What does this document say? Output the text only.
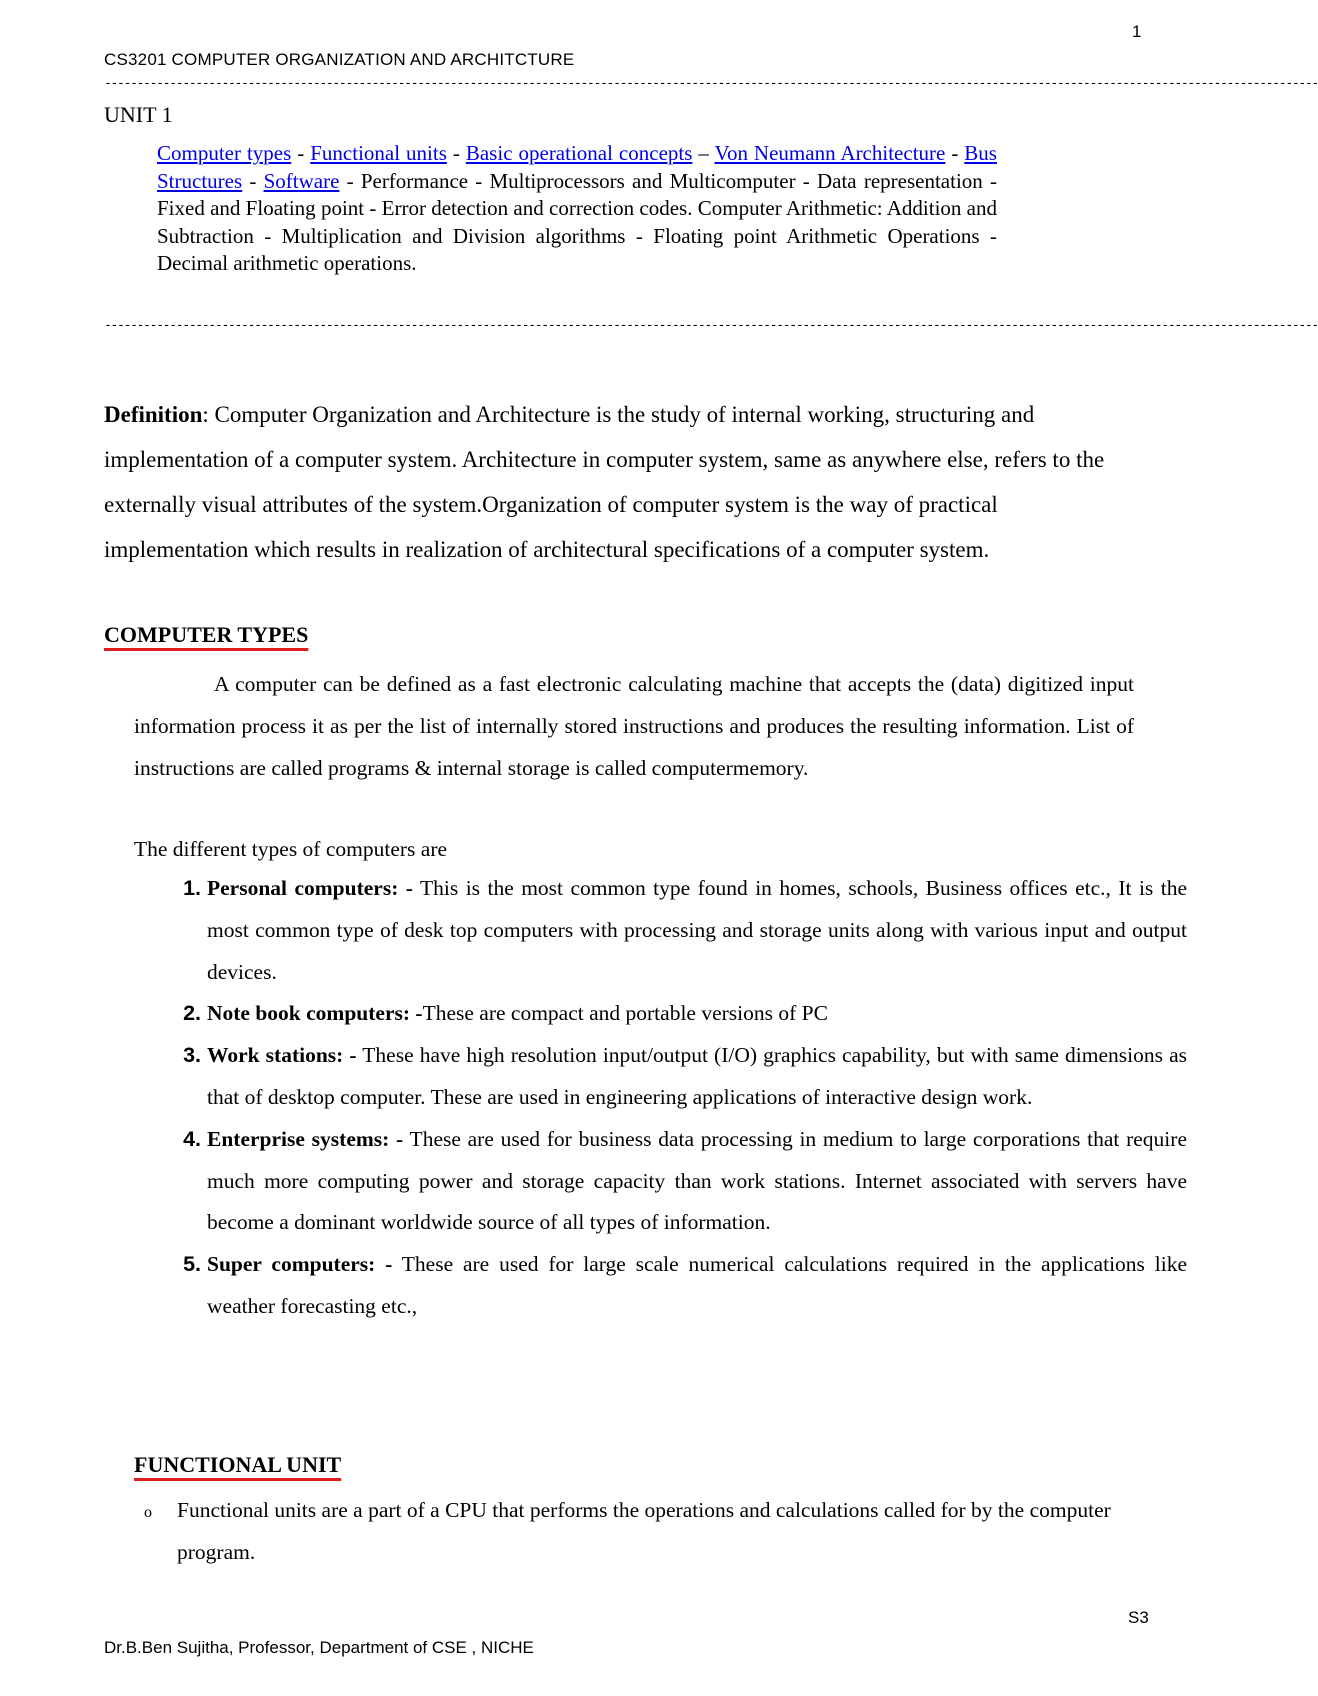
1
CS3201 COMPUTER ORGANIZATION AND ARCHITCTURE
------------------------------------------------------------------------------------------------------------------------------------------------------------------------------------------
UNIT 1
Computer types - Functional units - Basic operational concepts – Von Neumann Architecture - Bus Structures - Software - Performance - Multiprocessors and Multicomputer - Data representation - Fixed and Floating point - Error detection and correction codes. Computer Arithmetic: Addition and Subtraction - Multiplication and Division algorithms - Floating point Arithmetic Operations - Decimal arithmetic operations.
------------------------------------------------------------------------------------------------------------------------------------------------------------------------------------------
Definition: Computer Organization and Architecture is the study of internal working, structuring and implementation of a computer system. Architecture in computer system, same as anywhere else, refers to the externally visual attributes of the system.Organization of computer system is the way of practical implementation which results in realization of architectural specifications of a computer system.
COMPUTER TYPES
A computer can be defined as a fast electronic calculating machine that accepts the (data) digitized input information process it as per the list of internally stored instructions and produces the resulting information. List of instructions are called programs & internal storage is called computermemory.
The different types of computers are
1. Personal computers: - This is the most common type found in homes, schools, Business offices etc., It is the most common type of desk top computers with processing and storage units along with various input and output devices.
2. Note book computers: -These are compact and portable versions of PC
3. Work stations: - These have high resolution input/output (I/O) graphics capability, but with same dimensions as that of desktop computer. These are used in engineering applications of interactive design work.
4. Enterprise systems: - These are used for business data processing in medium to large corporations that require much more computing power and storage capacity than work stations. Internet associated with servers have become a dominant worldwide source of all types of information.
5. Super computers: - These are used for large scale numerical calculations required in the applications like weather forecasting etc.,
FUNCTIONAL UNIT
o Functional units are a part of a CPU that performs the operations and calculations called for by the computer program.
S3
Dr.B.Ben Sujitha, Professor, Department of CSE , NICHE
